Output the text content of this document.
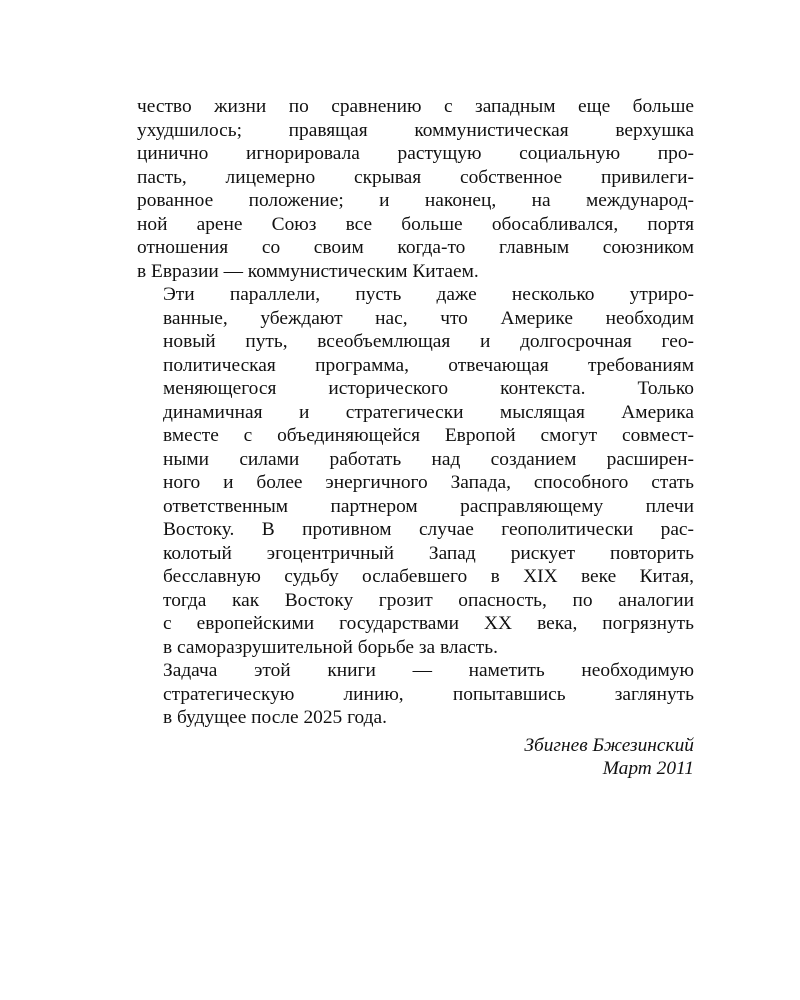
чество жизни по сравнению с западным еще больше
ухудшилось; правящая коммунистическая верхушка
цинично игнорировала растущую социальную про-
пасть, лицемерно скрывая собственное привилеги-
рованное положение; и наконец, на международ-
ной арене Союз все больше обосабливался, портя
отношения со своим когда-то главным союзником
в Евразии — коммунистическим Китаем.
Эти параллели, пусть даже несколько утриро-
ванные, убеждают нас, что Америке необходим
новый путь, всеобъемлющая и долгосрочная гео-
политическая программа, отвечающая требованиям
меняющегося исторического контекста. Только
динамичная и стратегически мыслящая Америка
вместе с объединяющейся Европой смогут совмест-
ными силами работать над созданием расширен-
ного и более энергичного Запада, способного стать
ответственным партнером расправляющему плечи
Востоку. В противном случае геополитически рас-
колотый эгоцентричный Запад рискует повторить
бесславную судьбу ослабевшего в XIX веке Китая,
тогда как Востоку грозит опасность, по аналогии
с европейскими государствами XX века, погрязнуть
в саморазрушительной борьбе за власть.
Задача этой книги — наметить необходимую
стратегическую линию, попытавшись заглянуть
в будущее после 2025 года.
Збигнев Бжезинский
Март 2011
